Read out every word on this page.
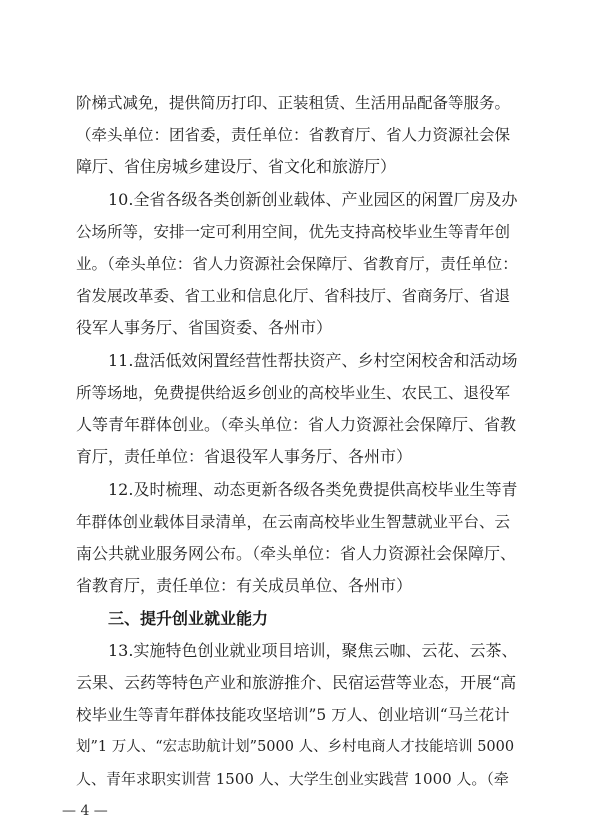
阶梯式减免，提供简历打印、正装租赁、生活用品配备等服务。
（牵头单位：团省委，责任单位：省教育厅、省人力资源社会保
障厅、省住房城乡建设厅、省文化和旅游厅）
10.全省各级各类创新创业载体、产业园区的闲置厂房及办
公场所等，安排一定可利用空间，优先支持高校毕业生等青年创
业。（牵头单位：省人力资源社会保障厅、省教育厅，责任单位：
省发展改革委、省工业和信息化厅、省科技厅、省商务厅、省退
役军人事务厅、省国资委、各州市）
11.盘活低效闲置经营性帮扶资产、乡村空闲校舍和活动场
所等场地，免费提供给返乡创业的高校毕业生、农民工、退役军
人等青年群体创业。（牵头单位：省人力资源社会保障厅、省教
育厅，责任单位：省退役军人事务厅、各州市）
12.及时梳理、动态更新各级各类免费提供高校毕业生等青
年群体创业载体目录清单，在云南高校毕业生智慧就业平台、云
南公共就业服务网公布。（牵头单位：省人力资源社会保障厅、
省教育厅，责任单位：有关成员单位、各州市）
三、提升创业就业能力
13.实施特色创业就业项目培训，聚焦云咖、云花、云茶、
云果、云药等特色产业和旅游推介、民宿运营等业态，开展“高
校毕业生等青年群体技能攻坚培训”5 万人、创业培训“马兰花计
划”1 万人、“宏志助航计划”5000 人、乡村电商人才技能培训 5000
人、青年求职实训营 1500 人、大学生创业实践营 1000 人。（牵
— 4 —
